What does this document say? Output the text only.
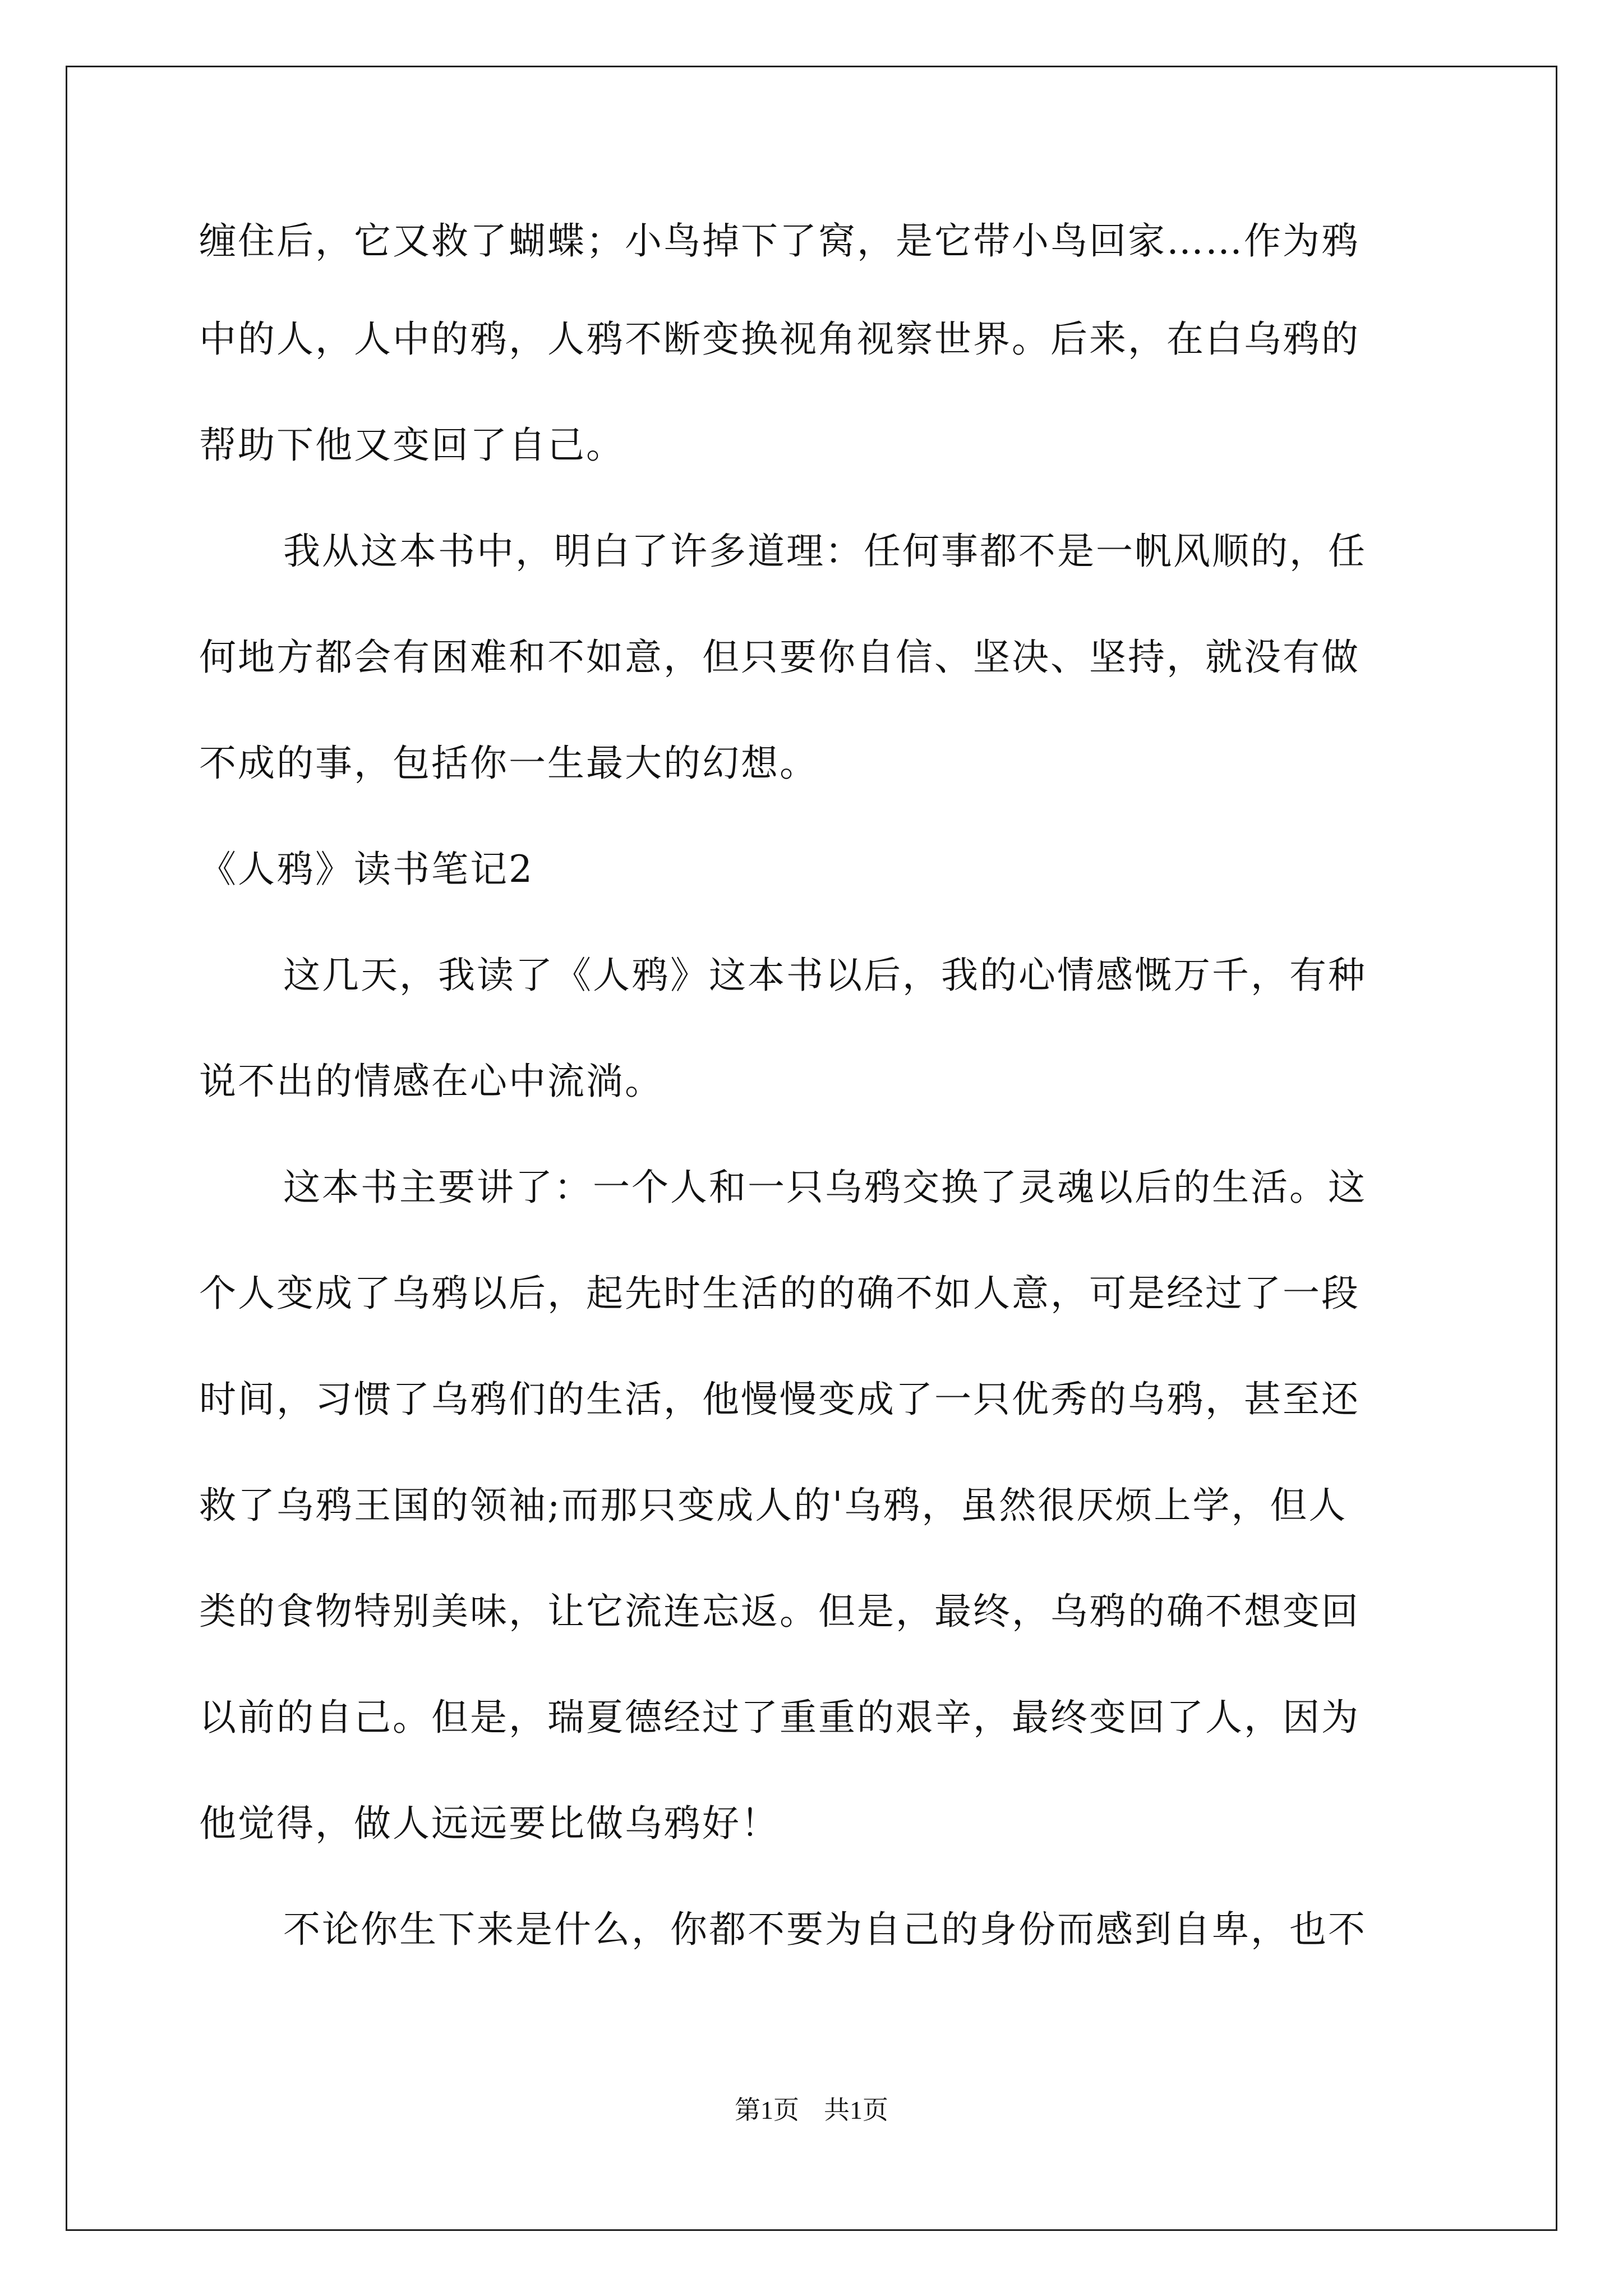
缠住后，它又救了蝴蝶；小鸟掉下了窝，是它带小鸟回家……作为鸦
中的人，人中的鸦，人鸦不断变换视角视察世界。后来，在白乌鸦的
帮助下他又变回了自己。
我从这本书中，明白了许多道理：任何事都不是一帆风顺的，任
何地方都会有困难和不如意，但只要你自信、坚决、坚持，就没有做
不成的事，包括你一生最大的幻想。
《人鸦》读书笔记2
这几天，我读了《人鸦》这本书以后，我的心情感慨万千，有种
说不出的情感在心中流淌。
这本书主要讲了：一个人和一只乌鸦交换了灵魂以后的生活。这
个人变成了乌鸦以后，起先时生活的的确不如人意，可是经过了一段
时间，习惯了乌鸦们的生活，他慢慢变成了一只优秀的乌鸦，甚至还
救了乌鸦王国的领袖;而那只变成人的'乌鸦，虽然很厌烦上学，但人
类的食物特别美味，让它流连忘返。但是，最终，乌鸦的确不想变回
以前的自己。但是，瑞夏德经过了重重的艰辛，最终变回了人，因为
他觉得，做人远远要比做乌鸦好！
不论你生下来是什么，你都不要为自己的身份而感到自卑，也不
第1页 共1页
